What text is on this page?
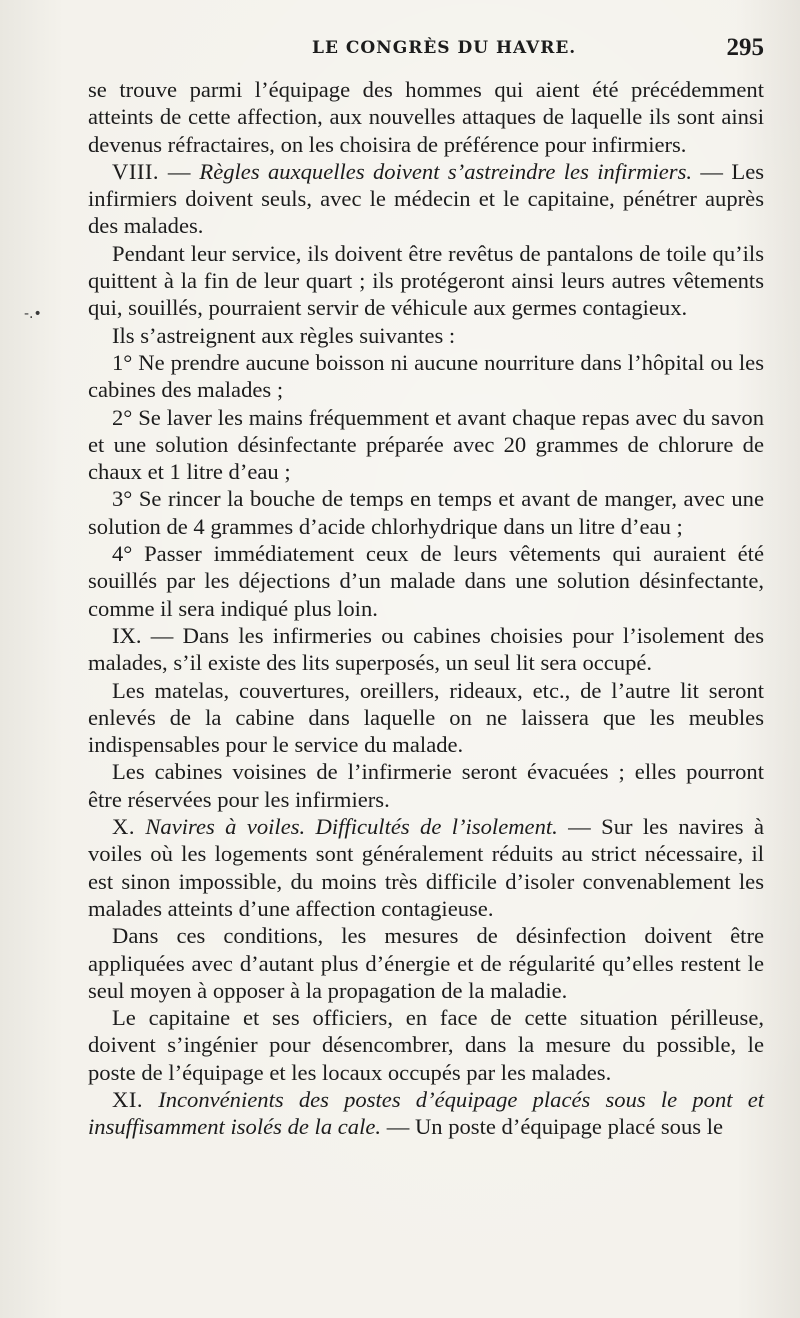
LE CONGRÈS DU HAVRE.	295
-.•

se trouve parmi l’équipage des hommes qui aient été précédemment atteints de cette affection, aux nouvelles attaques de laquelle ils sont ainsi devenus réfractaires, on les choisira de préférence pour infirmiers.

VIII. — Règles auxquelles doivent s’astreindre les infirmiers. — Les infirmiers doivent seuls, avec le médecin et le capitaine, pénétrer auprès des malades.

Pendant leur service, ils doivent être revêtus de pantalons de toile qu’ils quittent à la fin de leur quart ; ils protégeront ainsi leurs autres vêtements qui, souillés, pourraient servir de véhicule aux germes contagieux.

Ils s’astreignent aux règles suivantes :

1° Ne prendre aucune boisson ni aucune nourriture dans l’hôpital ou les cabines des malades ;

2° Se laver les mains fréquemment et avant chaque repas avec du savon et une solution désinfectante préparée avec 20 grammes de chlorure de chaux et 1 litre d’eau ;

3° Se rincer la bouche de temps en temps et avant de manger, avec une solution de 4 grammes d’acide chlorhydrique dans un litre d’eau ;

4° Passer immédiatement ceux de leurs vêtements qui auraient été souillés par les déjections d’un malade dans une solution désinfectante, comme il sera indiqué plus loin.

IX. — Dans les infirmeries ou cabines choisies pour l’isolement des malades, s’il existe des lits superposés, un seul lit sera occupé.

Les matelas, couvertures, oreillers, rideaux, etc., de l’autre lit seront enlevés de la cabine dans laquelle on ne laissera que les meubles indispensables pour le service du malade.

Les cabines voisines de l’infirmerie seront évacuées ; elles pourront être réservées pour les infirmiers.

X. Navires à voiles. Difficultés de l’isolement. — Sur les navires à voiles où les logements sont généralement réduits au strict nécessaire, il est sinon impossible, du moins très difficile d’isoler convenablement les malades atteints d’une affection contagieuse.

Dans ces conditions, les mesures de désinfection doivent être appliquées avec d’autant plus d’énergie et de régularité qu’elles restent le seul moyen à opposer à la propagation de la maladie.

Le capitaine et ses officiers, en face de cette situation périlleuse, doivent s’ingénier pour désencombrer, dans la mesure du possible, le poste de l’équipage et les locaux occupés par les malades.

XI. Inconvénients des postes d’équipage placés sous le pont et insuffisamment isolés de la cale. — Un poste d’équipage placé sous le
